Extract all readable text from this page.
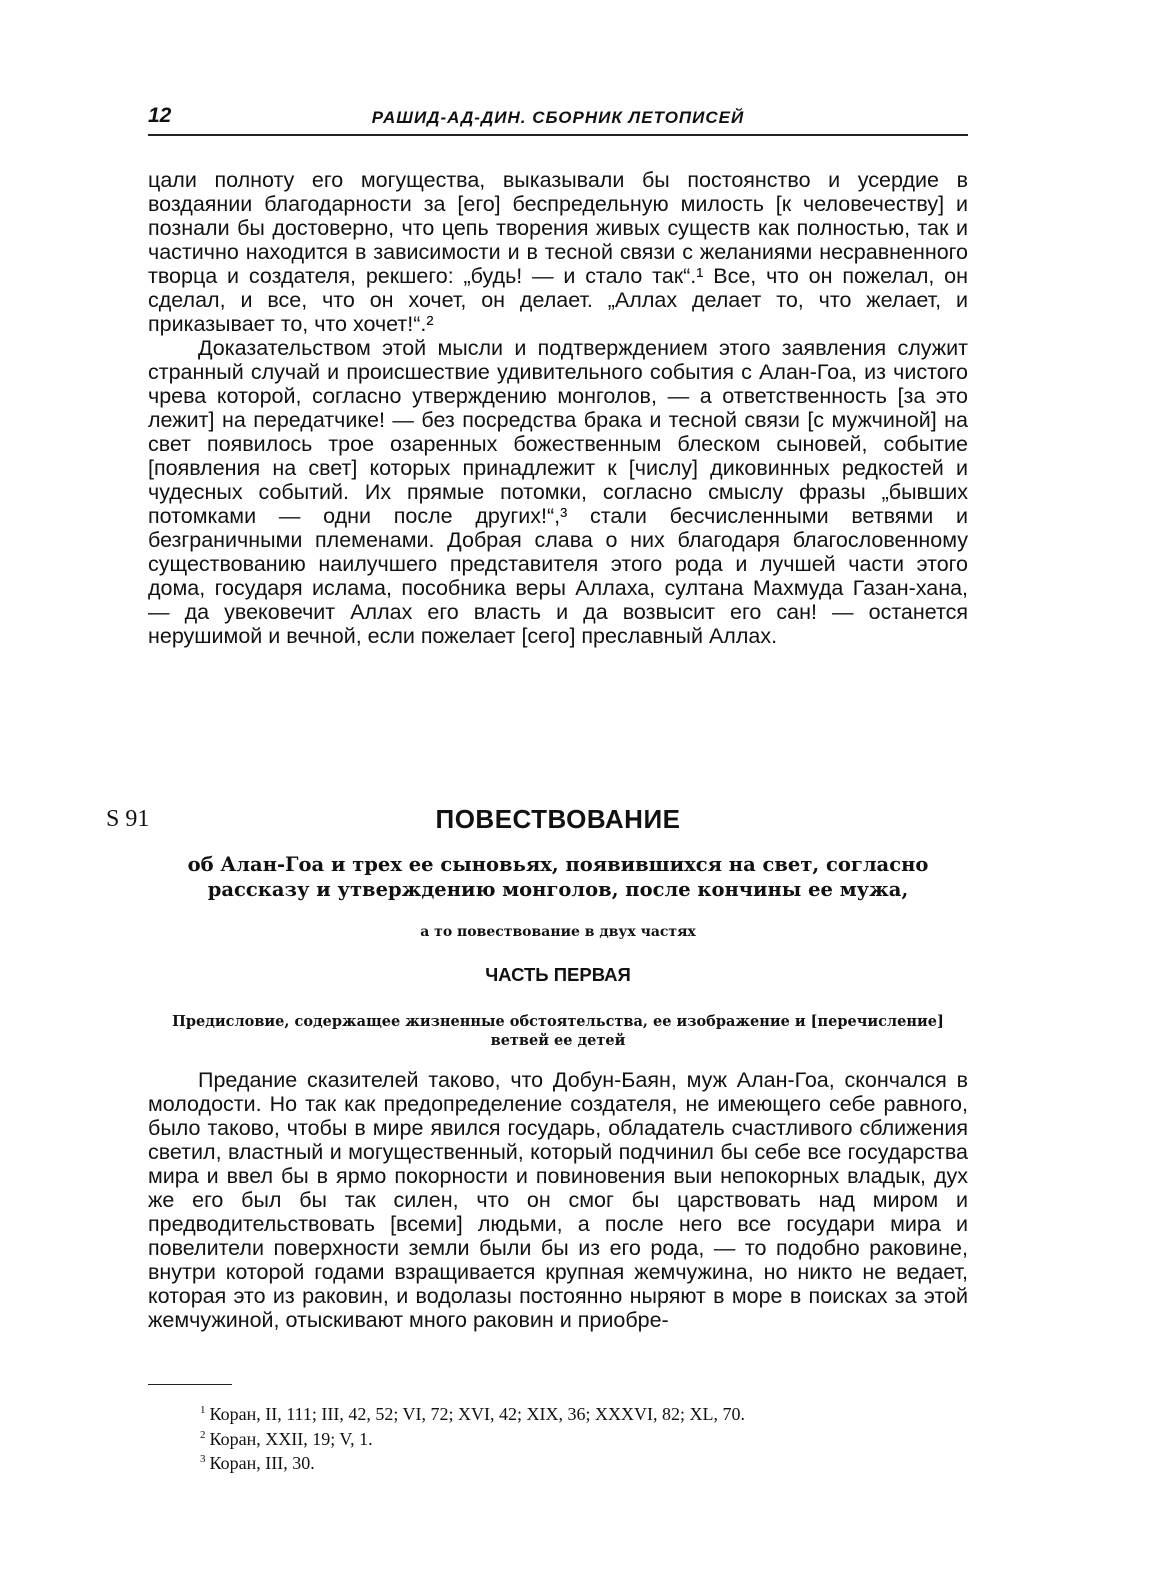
12	РАШИД-АД-ДИН. СБОРНИК ЛЕТОПИСЕЙ

цали полноту его могущества, выказывали бы постоянство и усердие в воздаянии благодарности за [его] беспредельную милость [к человечеству] и познали бы достоверно, что цепь творения живых существ как полностью, так и частично находится в зависимости и в тесной связи с желаниями несравненного творца и создателя, рекшего: „будь! — и стало так“.¹ Все, что он пожелал, он сделал, и все, что он хочет, он делает. „Аллах делает то, что желает, и приказывает то, что хочет!“.²

Доказательством этой мысли и подтверждением этого заявления служит странный случай и происшествие удивительного события с Алан-Гоа, из чистого чрева которой, согласно утверждению монголов, — а ответственность [за это лежит] на передатчике! — без посредства брака и тесной связи [с мужчиной] на свет появилось трое озаренных божественным блеском сыновей, событие [появления на свет] которых принадлежит к [числу] диковинных редкостей и чудесных событий. Их прямые потомки, согласно смыслу фразы „бывших потомками — одни после других!“,³ стали бесчисленными ветвями и безграничными племенами. Добрая слава о них благодаря благословенному существованию наилучшего представителя этого рода и лучшей части этого дома, государя ислама, пособника веры Аллаха, султана Махмуда Газан-хана, — да увековечит Аллах его власть и да возвысит его сан! — останется нерушимой и вечной, если пожелает [сего] преславный Аллах.

S 91	ПОВЕСТВОВАНИЕ
об Алан-Гоа и трех ее сыновьях, появившихся на свет, согласно рассказу и утверждению монголов, после кончины ее мужа,
а то повествование в двух частях
ЧАСТЬ ПЕРВАЯ
Предисловие, содержащее жизненные обстоятельства, ее изображение и [перечисление] ветвей ее детей

Предание сказителей таково, что Добун-Баян, муж Алан-Гоа, скончался в молодости. Но так как предопределение создателя, не имеющего себе равного, было таково, чтобы в мире явился государь, обладатель счастливого сближения светил, властный и могущественный, который подчинил бы себе все государства мира и ввел бы в ярмо покорности и повиновения выи непокорных владык, дух же его был бы так силен, что он смог бы царствовать над миром и предводительствовать [всеми] людьми, а после него все государи мира и повелители поверхности земли были бы из его рода, — то подобно раковине, внутри которой годами взращивается крупная жемчужина, но никто не ведает, которая это из раковин, и водолазы постоянно ныряют в море в поисках за этой жемчужиной, отыскивают много раковин и приобре-

$^1$ Коран, II, 111; III, 42, 52; VI, 72; XVI, 42; XIX, 36; XXXVI, 82; XL, 70.
$^2$ Коран, XXII, 19; V, 1.
$^3$ Коран, III, 30.
